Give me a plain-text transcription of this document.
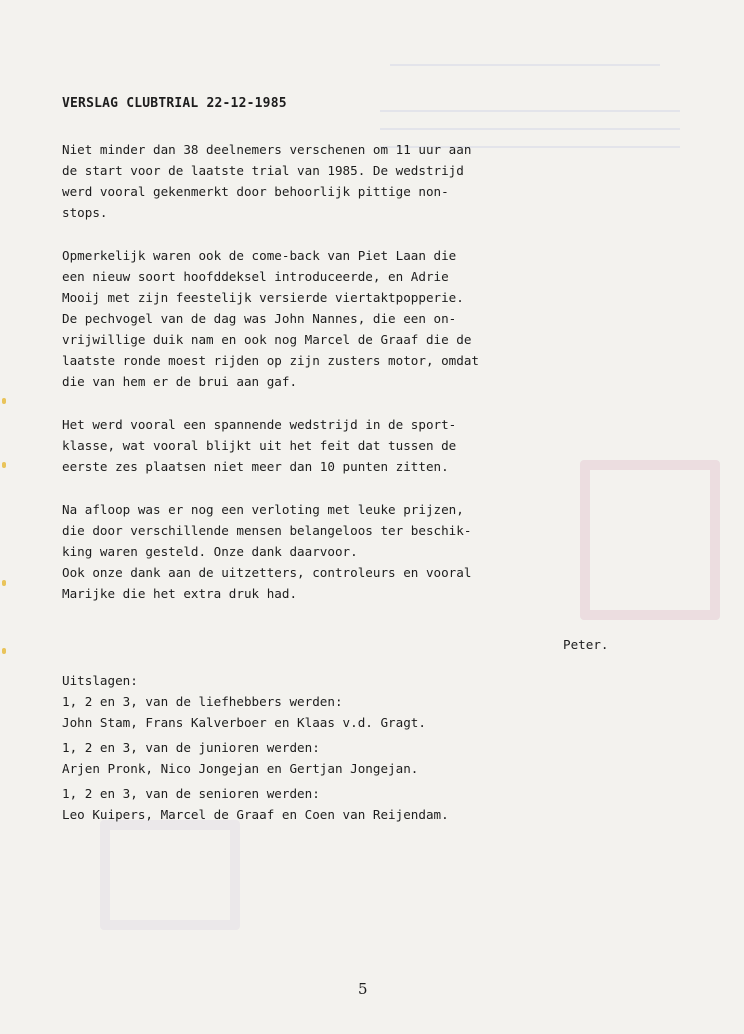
VERSLAG CLUBTRIAL 22-12-1985

Niet minder dan 38 deelnemers verschenen om 11 uur aan

de start voor de laatste trial van 1985. De wedstrijd

werd vooral gekenmerkt door behoorlijk pittige non-

stops.

Opmerkelijk waren ook de come-back van Piet Laan die

een nieuw soort hoofddeksel introduceerde, en Adrie

Mooij met zijn feestelijk versierde viertaktpopperie.

De pechvogel van de dag was John Nannes, die een on-

vrijwillige duik nam en ook nog Marcel de Graaf die de

laatste ronde moest rijden op zijn zusters motor, omdat

die van hem er de brui aan gaf.

Het werd vooral een spannende wedstrijd in de sport-

klasse, wat vooral blijkt uit het feit dat tussen de

eerste zes plaatsen niet meer dan 10 punten zitten.

Na afloop was er nog een verloting met leuke prijzen,

die door verschillende mensen belangeloos ter beschik-

king waren gesteld. Onze dank daarvoor.

Ook onze dank aan de uitzetters, controleurs en vooral

Marijke die het extra druk had.

Peter.

Uitslagen:

1, 2 en 3, van de liefhebbers werden:

John Stam, Frans Kalverboer en Klaas v.d. Gragt.

1, 2 en 3, van de junioren werden:

Arjen Pronk, Nico Jongejan en Gertjan Jongejan.

1, 2 en 3, van de senioren werden:

Leo Kuipers, Marcel de Graaf en Coen van Reijendam.

5
